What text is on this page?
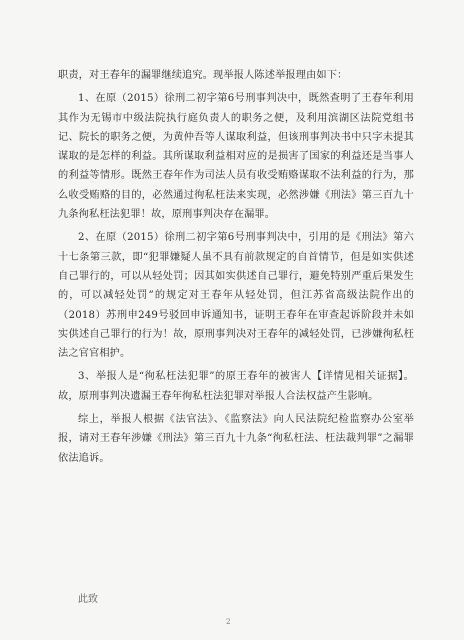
职责，对王春年的漏罪继续追究。现举报人陈述举报理由如下：

1、在原（2015）徐刑二初字第6号刑事判决中，既然查明了王春年利用其作为无锡市中级法院执行庭负责人的职务之便，及利用滨湖区法院党组书记、院长的职务之便，为黄仲吾等人谋取利益，但该刑事判决书中只字未提其谋取的是怎样的利益。其所谋取利益相对应的是损害了国家的利益还是当事人的利益等情形。既然王春年作为司法人员有收受贿赂谋取不法利益的行为，那么收受贿赂的目的，必然通过徇私枉法来实现，必然涉嫌《刑法》第三百九十九条徇私枉法犯罪！故，原刑事判决存在漏罪。

2、在原（2015）徐刑二初字第6号刑事判决中，引用的是《刑法》第六十七条第三款，即“犯罪嫌疑人虽不具有前款规定的自首情节，但是如实供述自己罪行的，可以从轻处罚；因其如实供述自己罪行，避免特别严重后果发生的，可以减轻处罚”的规定对王春年从轻处罚，但江苏省高级法院作出的（2018）苏刑申249号驳回申诉通知书，证明王春年在审查起诉阶段并未如实供述自己罪行的行为！故，原刑事判决对王春年的减轻处罚，已涉嫌徇私枉法之官官相护。

3、举报人是“徇私枉法犯罪”的原王春年的被害人【详情见相关证据】。故，原刑事判决遗漏王春年徇私枉法犯罪对举报人合法权益产生影响。

综上，举报人根据《法官法》、《监察法》向人民法院纪检监察办公室举报，请对王春年涉嫌《刑法》第三百九十九条“徇私枉法、枉法裁判罪”之漏罪依法追诉。

此致
2
